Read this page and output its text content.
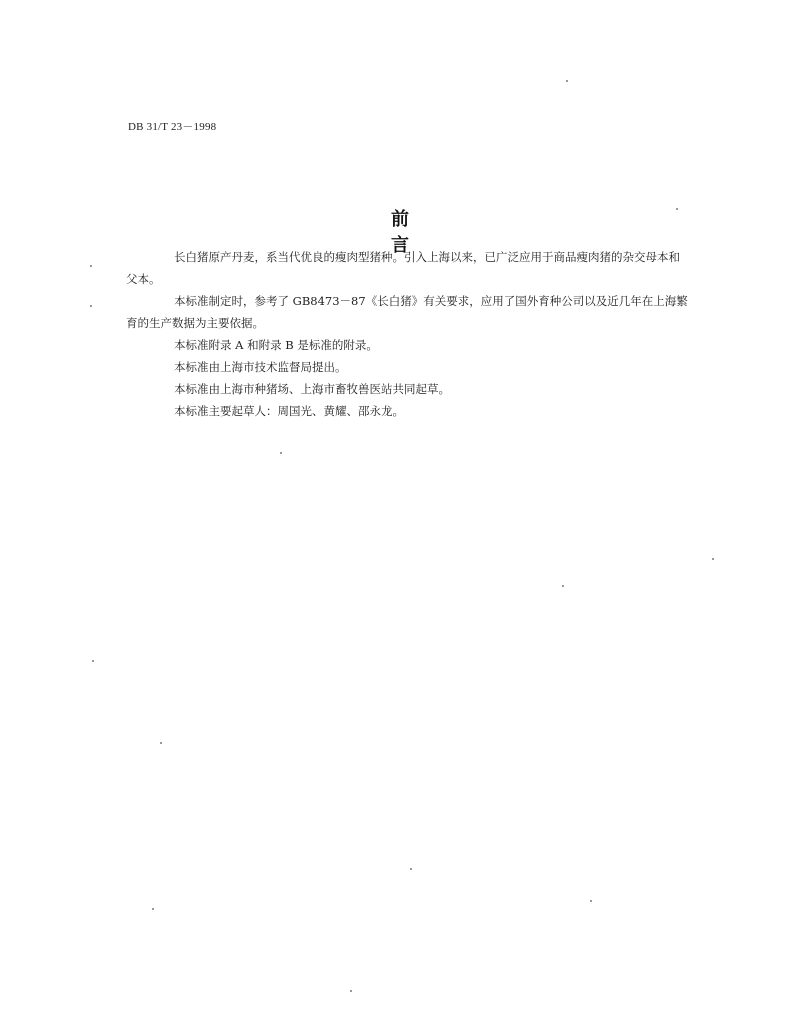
DB 31/T 23－1998
前　言

长白猪原产丹麦，系当代优良的瘦肉型猪种。引入上海以来，已广泛应用于商品瘦肉猪的杂交母本和
父本。

本标准制定时，参考了 GB8473－87《长白猪》有关要求，应用了国外育种公司以及近几年在上海繁
育的生产数据为主要依据。

本标准附录 A 和附录 B 是标准的附录。

本标准由上海市技术监督局提出。

本标准由上海市种猪场、上海市畜牧兽医站共同起草。

本标准主要起草人：周国光、黄耀、邵永龙。
